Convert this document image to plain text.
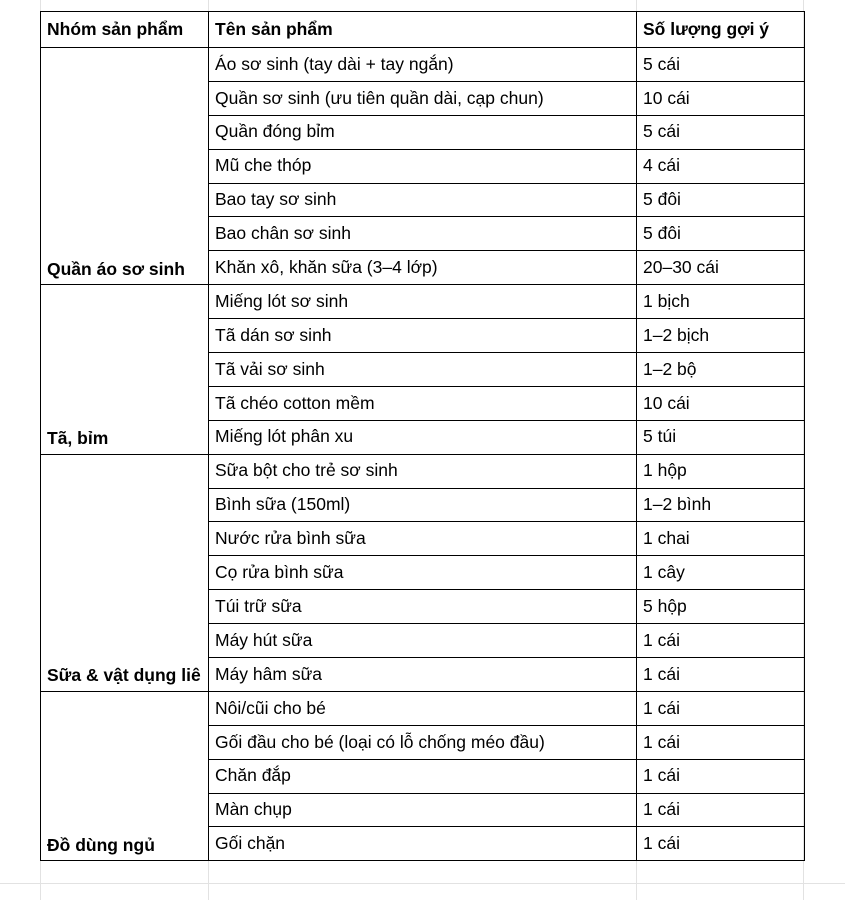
Nhóm sản phẩm	Tên sản phẩm	Số lượng gợi ý
Quần áo sơ sinh	Áo sơ sinh (tay dài + tay ngắn)	5 cái
	Quần sơ sinh (ưu tiên quần dài, cạp chun)	10 cái
	Quần đóng bỉm	5 cái
	Mũ che thóp	4 cái
	Bao tay sơ sinh	5 đôi
	Bao chân sơ sinh	5 đôi
	Khăn xô, khăn sữa (3–4 lớp)	20–30 cái
Tã, bỉm	Miếng lót sơ sinh	1 bịch
	Tã dán sơ sinh	1–2 bịch
	Tã vải sơ sinh	1–2 bộ
	Tã chéo cotton mềm	10 cái
	Miếng lót phân xu	5 túi
Sữa & vật dụng liê	Sữa bột cho trẻ sơ sinh	1 hộp
	Bình sữa (150ml)	1–2 bình
	Nước rửa bình sữa	1 chai
	Cọ rửa bình sữa	1 cây
	Túi trữ sữa	5 hộp
	Máy hút sữa	1 cái
	Máy hâm sữa	1 cái
Đồ dùng ngủ	Nôi/cũi cho bé	1 cái
	Gối đầu cho bé (loại có lỗ chống méo đầu)	1 cái
	Chăn đắp	1 cái
	Màn chụp	1 cái
	Gối chặn	1 cái
